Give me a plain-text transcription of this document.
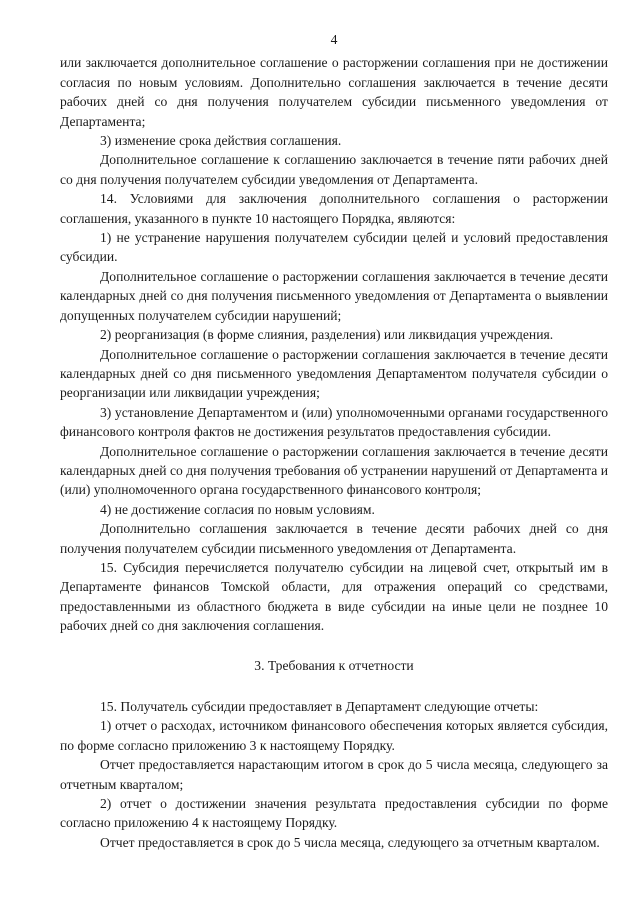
4

или заключается дополнительное соглашение о расторжении соглашения при не достижении согласия по новым условиям. Дополнительно соглашения заключается в течение десяти рабочих дней со дня получения получателем субсидии письменного уведомления от Департамента;

3) изменение срока действия соглашения.

Дополнительное соглашение к соглашению заключается в течение пяти рабочих дней со дня получения получателем субсидии уведомления от Департамента.

14. Условиями для заключения дополнительного соглашения о расторжении соглашения, указанного в пункте 10 настоящего Порядка, являются:

1) не устранение нарушения получателем субсидии целей и условий предоставления субсидии.

Дополнительное соглашение о расторжении соглашения заключается в течение десяти календарных дней со дня получения письменного уведомления от Департамента о выявлении допущенных получателем субсидии нарушений;

2) реорганизация (в форме слияния, разделения) или ликвидация учреждения.

Дополнительное соглашение о расторжении соглашения заключается в течение десяти календарных дней со дня письменного уведомления Департаментом получателя субсидии о реорганизации или ликвидации учреждения;

3) установление Департаментом и (или) уполномоченными органами государственного финансового контроля фактов не достижения результатов предоставления субсидии.

Дополнительное соглашение о расторжении соглашения заключается в течение десяти календарных дней со дня получения требования об устранении нарушений от Департамента и (или) уполномоченного органа государственного финансового контроля;

4) не достижение согласия по новым условиям.

Дополнительно соглашения заключается в течение десяти рабочих дней со дня получения получателем субсидии письменного уведомления от Департамента.

15. Субсидия перечисляется получателю субсидии на лицевой счет, открытый им в Департаменте финансов Томской области, для отражения операций со средствами, предоставленными из областного бюджета в виде субсидии на иные цели не позднее 10 рабочих дней со дня заключения соглашения.

3. Требования к отчетности

15. Получатель субсидии предоставляет в Департамент следующие отчеты:

1) отчет о расходах, источником финансового обеспечения которых является субсидия, по форме согласно приложению 3 к настоящему Порядку.

Отчет предоставляется нарастающим итогом в срок до 5 числа месяца, следующего за отчетным кварталом;

2) отчет о достижении значения результата предоставления субсидии по форме согласно приложению 4 к настоящему Порядку.

Отчет предоставляется в срок до 5 числа месяца, следующего за отчетным кварталом.
